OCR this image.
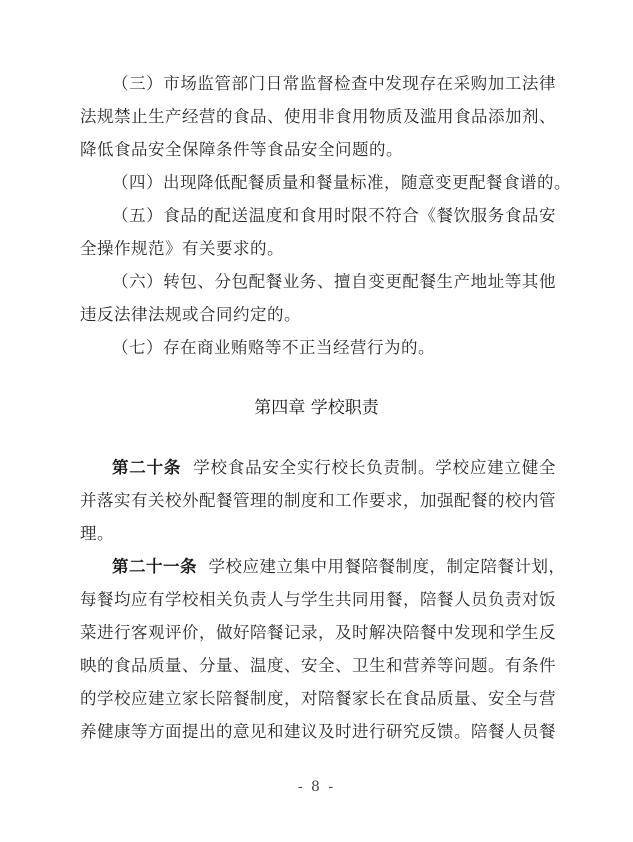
（三）市场监管部门日常监督检查中发现存在采购加工法律
法规禁止生产经营的食品、使用非食用物质及滥用食品添加剂、
降低食品安全保障条件等食品安全问题的。
（四）出现降低配餐质量和餐量标准，随意变更配餐食谱的。
（五）食品的配送温度和食用时限不符合《餐饮服务食品安
全操作规范》有关要求的。
（六）转包、分包配餐业务、擅自变更配餐生产地址等其他
违反法律法规或合同约定的。
（七）存在商业贿赂等不正当经营行为的。
第四章 学校职责
第二十条 学校食品安全实行校长负责制。学校应建立健全
并落实有关校外配餐管理的制度和工作要求，加强配餐的校内管
理。
第二十一条 学校应建立集中用餐陪餐制度，制定陪餐计划，
每餐均应有学校相关负责人与学生共同用餐，陪餐人员负责对饭
菜进行客观评价，做好陪餐记录，及时解决陪餐中发现和学生反
映的食品质量、分量、温度、安全、卫生和营养等问题。有条件
的学校应建立家长陪餐制度，对陪餐家长在食品质量、安全与营
养健康等方面提出的意见和建议及时进行研究反馈。陪餐人员餐
- 8 -
